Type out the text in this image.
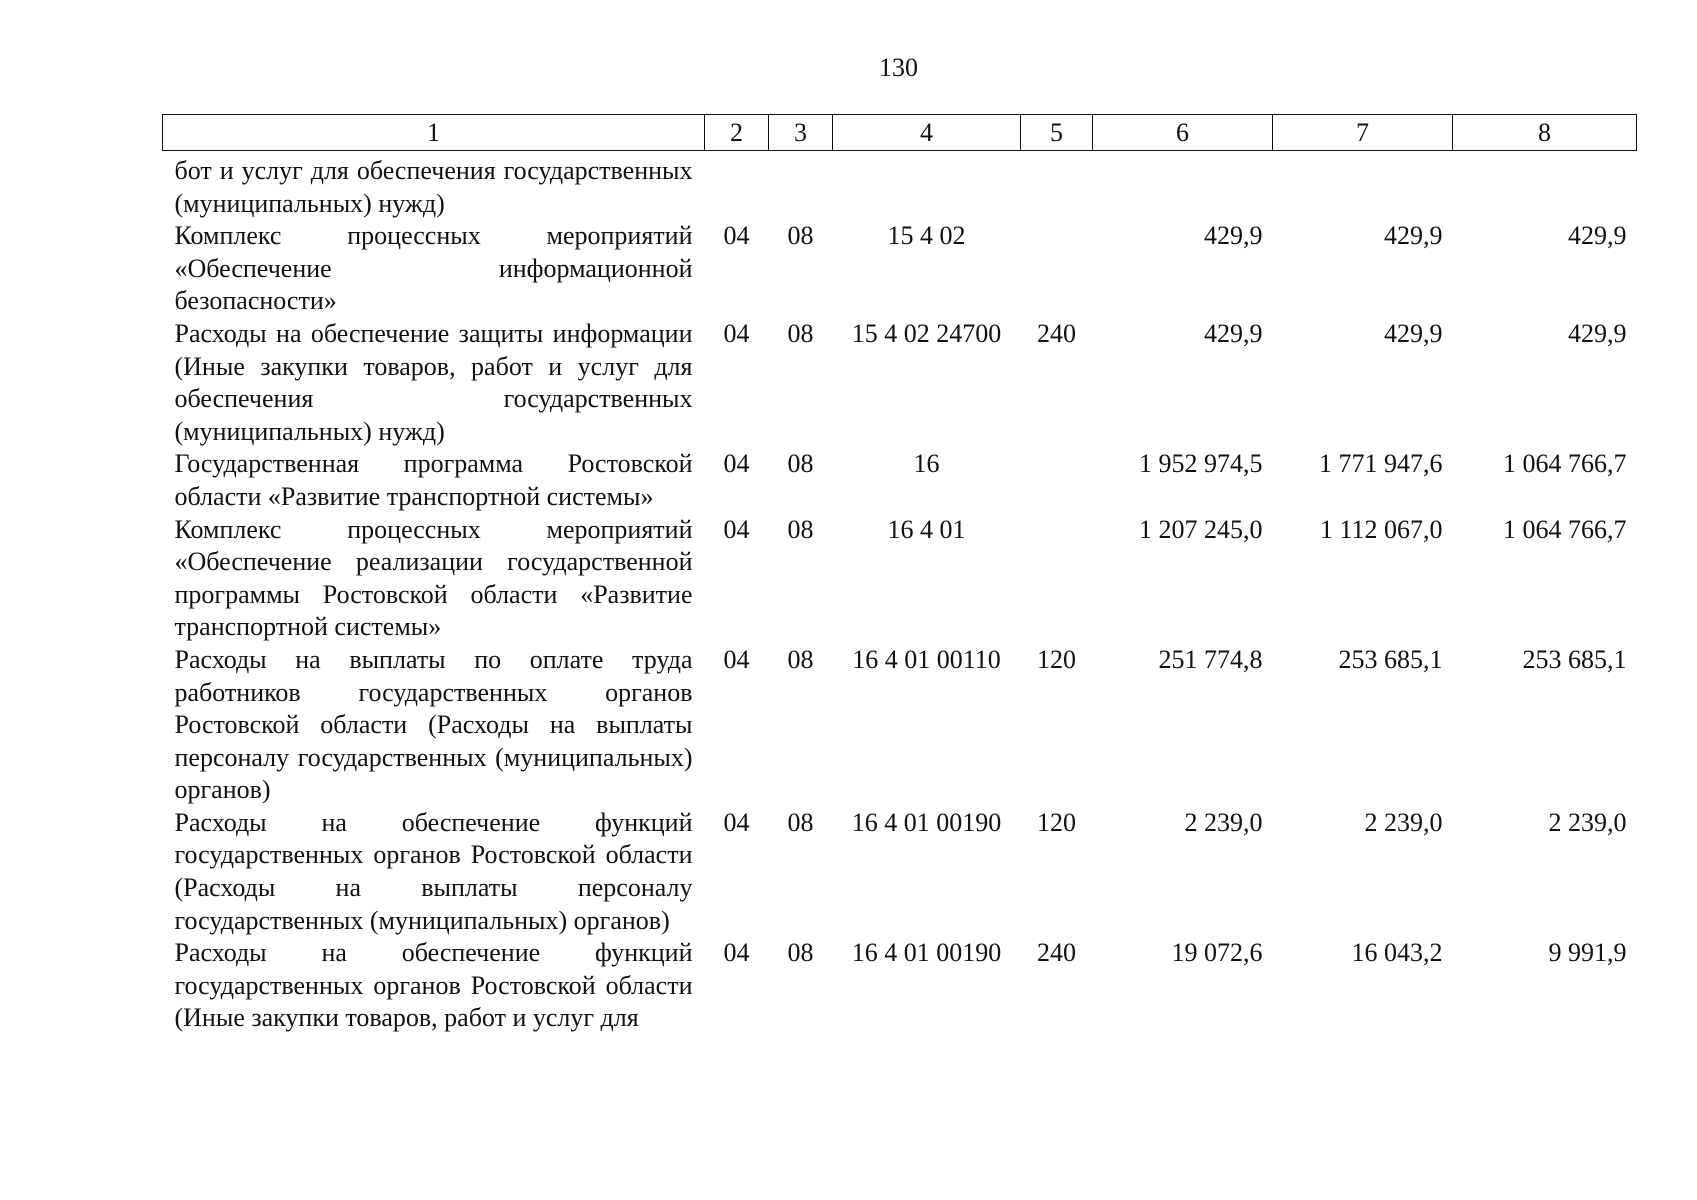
130
1	2	3	4	5	6	7	8
бот и услуг для обеспечения государственных (муниципальных) нужд)							
Комплекс процессных мероприятий «Обеспечение информационной безопасности»	04	08	15 4 02		429,9	429,9	429,9
Расходы на обеспечение защиты информации (Иные закупки товаров, работ и услуг для обеспечения государственных (муниципальных) нужд)	04	08	15 4 02 24700	240	429,9	429,9	429,9
Государственная программа Ростовской области «Развитие транспортной системы»	04	08	16		1 952 974,5	1 771 947,6	1 064 766,7
Комплекс процессных мероприятий «Обеспечение реализации государственной программы Ростовской области «Развитие транспортной системы»	04	08	16 4 01		1 207 245,0	1 112 067,0	1 064 766,7
Расходы на выплаты по оплате труда работников государственных органов Ростовской области (Расходы на выплаты персоналу государственных (муниципальных) органов)	04	08	16 4 01 00110	120	251 774,8	253 685,1	253 685,1
Расходы на обеспечение функций государственных органов Ростовской области (Расходы на выплаты персоналу государственных (муниципальных) органов)	04	08	16 4 01 00190	120	2 239,0	2 239,0	2 239,0
Расходы на обеспечение функций государственных органов Ростовской области (Иные закупки товаров, работ и услуг для	04	08	16 4 01 00190	240	19 072,6	16 043,2	9 991,9
